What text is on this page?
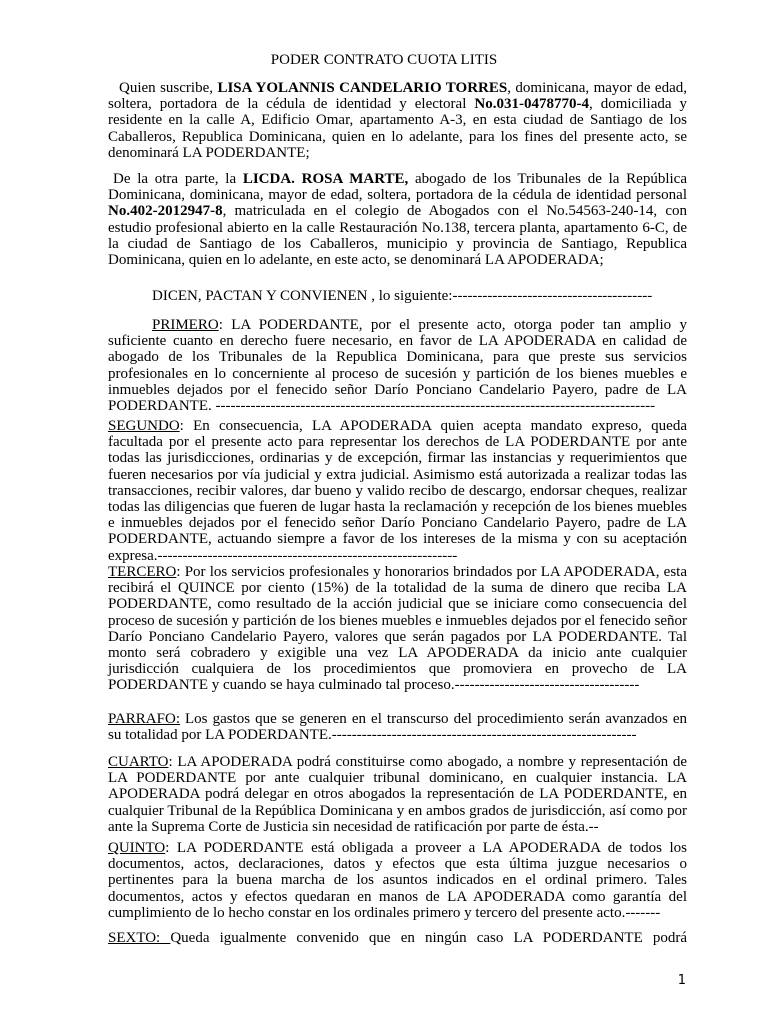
PODER CONTRATO CUOTA LITIS

Quien suscribe, LISA YOLANNIS CANDELARIO TORRES, dominicana, mayor de edad, soltera, portadora de la cédula de identidad y electoral No.031-0478770-4, domiciliada y residente en la calle A, Edificio Omar, apartamento A-3, en esta ciudad de Santiago de los Caballeros, Republica Dominicana, quien en lo adelante, para los fines del presente acto, se denominará LA PODERDANTE;

De la otra parte, la LICDA. ROSA MARTE, abogado de los Tribunales de la República Dominicana, dominicana, mayor de edad, soltera, portadora de la cédula de identidad personal No.402-2012947-8, matriculada en el colegio de Abogados con el No.54563-240-14, con estudio profesional abierto en la calle Restauración No.138, tercera planta, apartamento 6-C, de la ciudad de Santiago de los Caballeros, municipio y provincia de Santiago, Republica Dominicana, quien en lo adelante, en este acto, se denominará LA APODERADA;

DICEN, PACTAN Y CONVIENEN , lo siguiente:----------------------------------------

PRIMERO: LA PODERDANTE, por el presente acto, otorga poder tan amplio y suficiente cuanto en derecho fuere necesario, en favor de LA APODERADA en calidad de abogado de los Tribunales de la Republica Dominicana, para que preste sus servicios profesionales en lo concerniente al proceso de sucesión y partición de los bienes muebles e inmuebles dejados por el fenecido señor Darío Ponciano Candelario Payero, padre de LA PODERDANTE. ----------------------------------------------------------------------------------------

SEGUNDO: En consecuencia, LA APODERADA quien acepta mandato expreso, queda facultada por el presente acto para representar los derechos de LA PODERDANTE por ante todas las jurisdicciones, ordinarias y de excepción, firmar las instancias y requerimientos que fueren necesarios por vía judicial y extra judicial. Asimismo está autorizada a realizar todas las transacciones, recibir valores, dar bueno y valido recibo de descargo, endorsar cheques, realizar todas las diligencias que fueren de lugar hasta la reclamación y recepción de los bienes muebles e inmuebles dejados por el fenecido señor Darío Ponciano Candelario Payero, padre de LA PODERDANTE, actuando siempre a favor de los intereses de la misma y con su aceptación expresa.------------------------------------------------------------

TERCERO: Por los servicios profesionales y honorarios brindados por LA APODERADA, esta recibirá el QUINCE por ciento (15%) de la totalidad de la suma de dinero que reciba LA PODERDANTE, como resultado de la acción judicial que se iniciare como consecuencia del proceso de sucesión y partición de los bienes muebles e inmuebles dejados por el fenecido señor Darío Ponciano Candelario Payero, valores que serán pagados por LA PODERDANTE. Tal monto será cobradero y exigible una vez LA APODERADA da inicio ante cualquier jurisdicción cualquiera de los procedimientos que promoviera en provecho de LA PODERDANTE y cuando se haya culminado tal proceso.-------------------------------------

PARRAFO: Los gastos que se generen en el transcurso del procedimiento serán avanzados en su totalidad por LA PODERDANTE.-------------------------------------------------------------

CUARTO: LA APODERADA podrá constituirse como abogado, a nombre y representación de LA PODERDANTE por ante cualquier tribunal dominicano, en cualquier instancia. LA APODERADA podrá delegar en otros abogados la representación de LA PODERDANTE, en cualquier Tribunal de la República Dominicana y en ambos grados de jurisdicción, así como por ante la Suprema Corte de Justicia sin necesidad de ratificación por parte de ésta.--

QUINTO: LA PODERDANTE está obligada a proveer a LA APODERADA de todos los documentos, actos, declaraciones, datos y efectos que esta última juzgue necesarios o pertinentes para la buena marcha de los asuntos indicados en el ordinal primero. Tales documentos, actos y efectos quedaran en manos de LA APODERADA como garantía del cumplimiento de lo hecho constar en los ordinales primero y tercero del presente acto.-------

SEXTO: Queda igualmente convenido que en ningún caso LA PODERDANTE podrá

1
